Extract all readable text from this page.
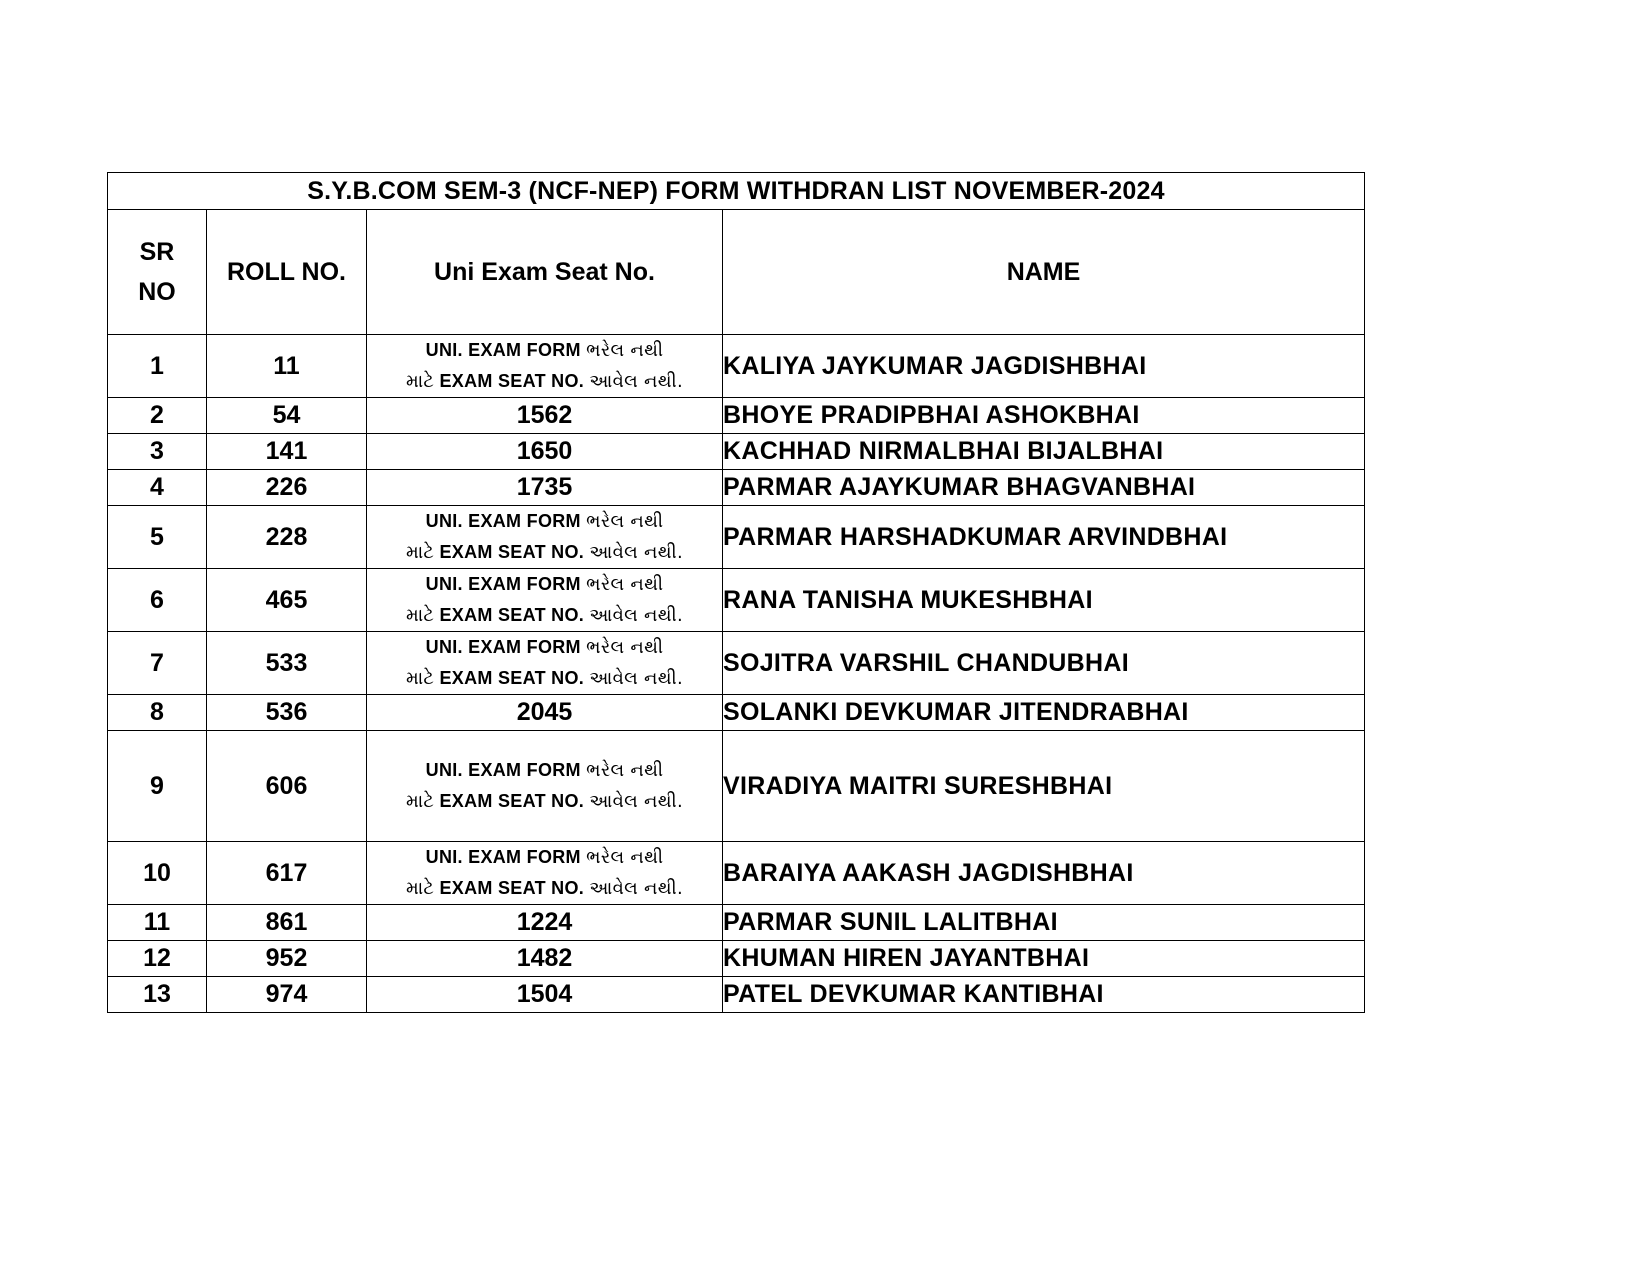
S.Y.B.COM SEM-3 (NCF-NEP) FORM WITHDRAN LIST NOVEMBER-2024			
SR
NO	ROLL NO.	Uni Exam Seat No.	NAME
1	11	UNI. EXAM FORM ભરેલ નથી
માટે EXAM SEAT NO. આવેલ નથી.	KALIYA JAYKUMAR JAGDISHBHAI
2	54	1562	BHOYE PRADIPBHAI ASHOKBHAI
3	141	1650	KACHHAD NIRMALBHAI BIJALBHAI
4	226	1735	PARMAR AJAYKUMAR BHAGVANBHAI
5	228	UNI. EXAM FORM ભરેલ નથી
માટે EXAM SEAT NO. આવેલ નથી.	PARMAR HARSHADKUMAR ARVINDBHAI
6	465	UNI. EXAM FORM ભરેલ નથી
માટે EXAM SEAT NO. આવેલ નથી.	RANA TANISHA MUKESHBHAI
7	533	UNI. EXAM FORM ભરેલ નથી
માટે EXAM SEAT NO. આવેલ નથી.	SOJITRA VARSHIL CHANDUBHAI
8	536	2045	SOLANKI DEVKUMAR JITENDRABHAI
9	606	UNI. EXAM FORM ભરેલ નથી
માટે EXAM SEAT NO. આવેલ નથી.	VIRADIYA MAITRI SURESHBHAI
10	617	UNI. EXAM FORM ભરેલ નથી
માટે EXAM SEAT NO. આવેલ નથી.	BARAIYA AAKASH JAGDISHBHAI
11	861	1224	PARMAR SUNIL LALITBHAI
12	952	1482	KHUMAN HIREN JAYANTBHAI
13	974	1504	PATEL DEVKUMAR KANTIBHAI
